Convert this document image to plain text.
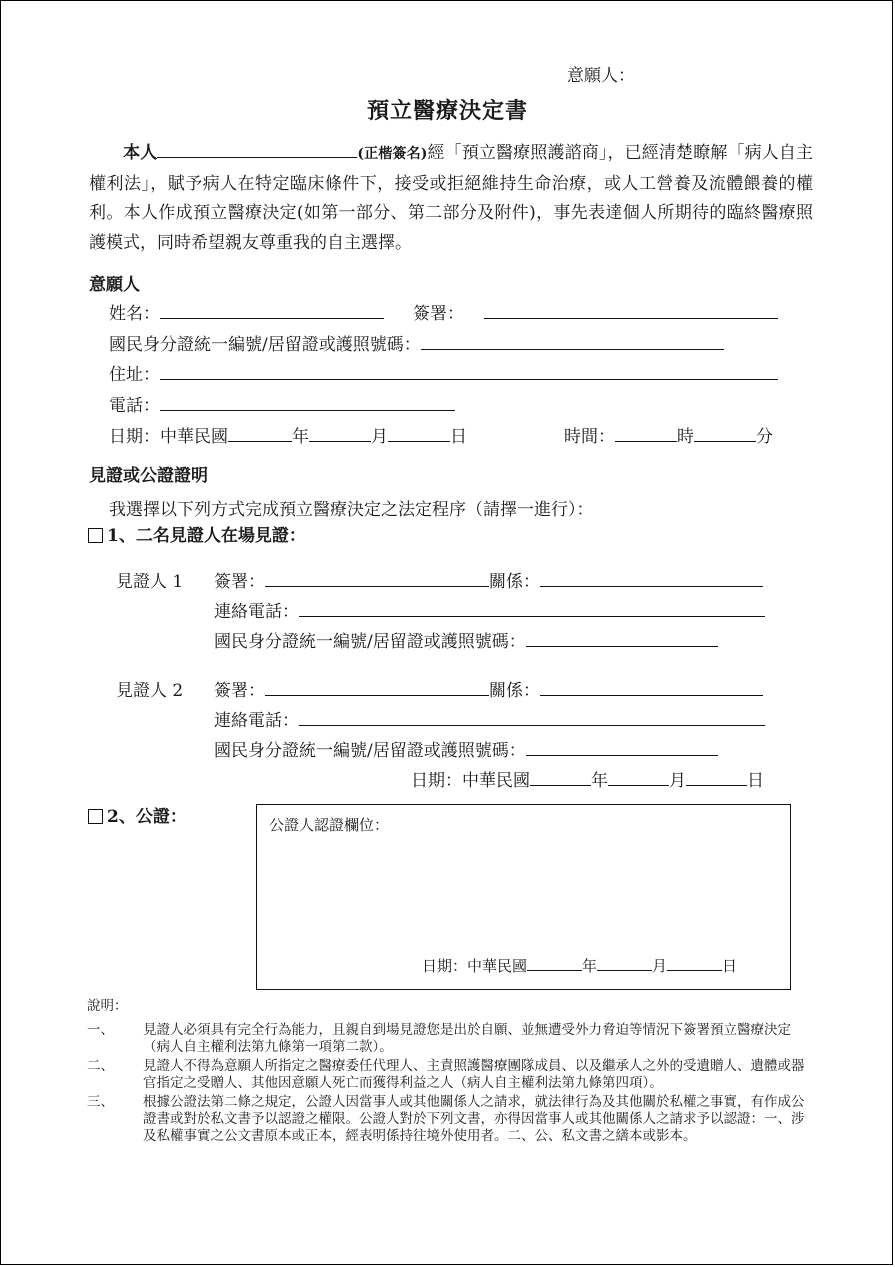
意願人：
預立醫療決定書
本人	(正楷簽名)經「預立醫療照護諮商」，已經清楚瞭解「病人自主權利法」，賦予病人在特定臨床條件下，接受或拒絕維持生命治療，或人工營養及流體餵養的權利。本人作成預立醫療決定(如第一部分、第二部分及附件)，事先表達個人所期待的臨終醫療照護模式，同時希望親友尊重我的自主選擇。
意願人
姓名：	簽署：
國民身分證統一編號/居留證或護照號碼：
住址：
電話：
日期：中華民國	年	月	日	時間：	時	分
見證或公證證明
我選擇以下列方式完成預立醫療決定之法定程序（請擇一進行）：
1、二名見證人在場見證：
見證人 1 簽署：	關係：
連絡電話：
國民身分證統一編號/居留證或護照號碼：
見證人 2 簽署：	關係：
連絡電話：
國民身分證統一編號/居留證或護照號碼：
日期：中華民國	年	月	日
2、公證：	公證人認證欄位：
日期：中華民國	年	月	日
說明：
一、	見證人必須具有完全行為能力，且親自到場見證您是出於自願、並無遭受外力脅迫等情況下簽署預立醫療決定（病人自主權利法第九條第一項第二款）。
二、	見證人不得為意願人所指定之醫療委任代理人、主責照護醫療團隊成員、以及繼承人之外的受遺贈人、遺體或器官指定之受贈人、其他因意願人死亡而獲得利益之人（病人自主權利法第九條第四項）。
三、	根據公證法第二條之規定，公證人因當事人或其他關係人之請求，就法律行為及其他關於私權之事實，有作成公證書或對於私文書予以認證之權限。公證人對於下列文書，亦得因當事人或其他關係人之請求予以認證：一、涉及私權事實之公文書原本或正本，經表明係持往境外使用者。二、公、私文書之繕本或影本。
